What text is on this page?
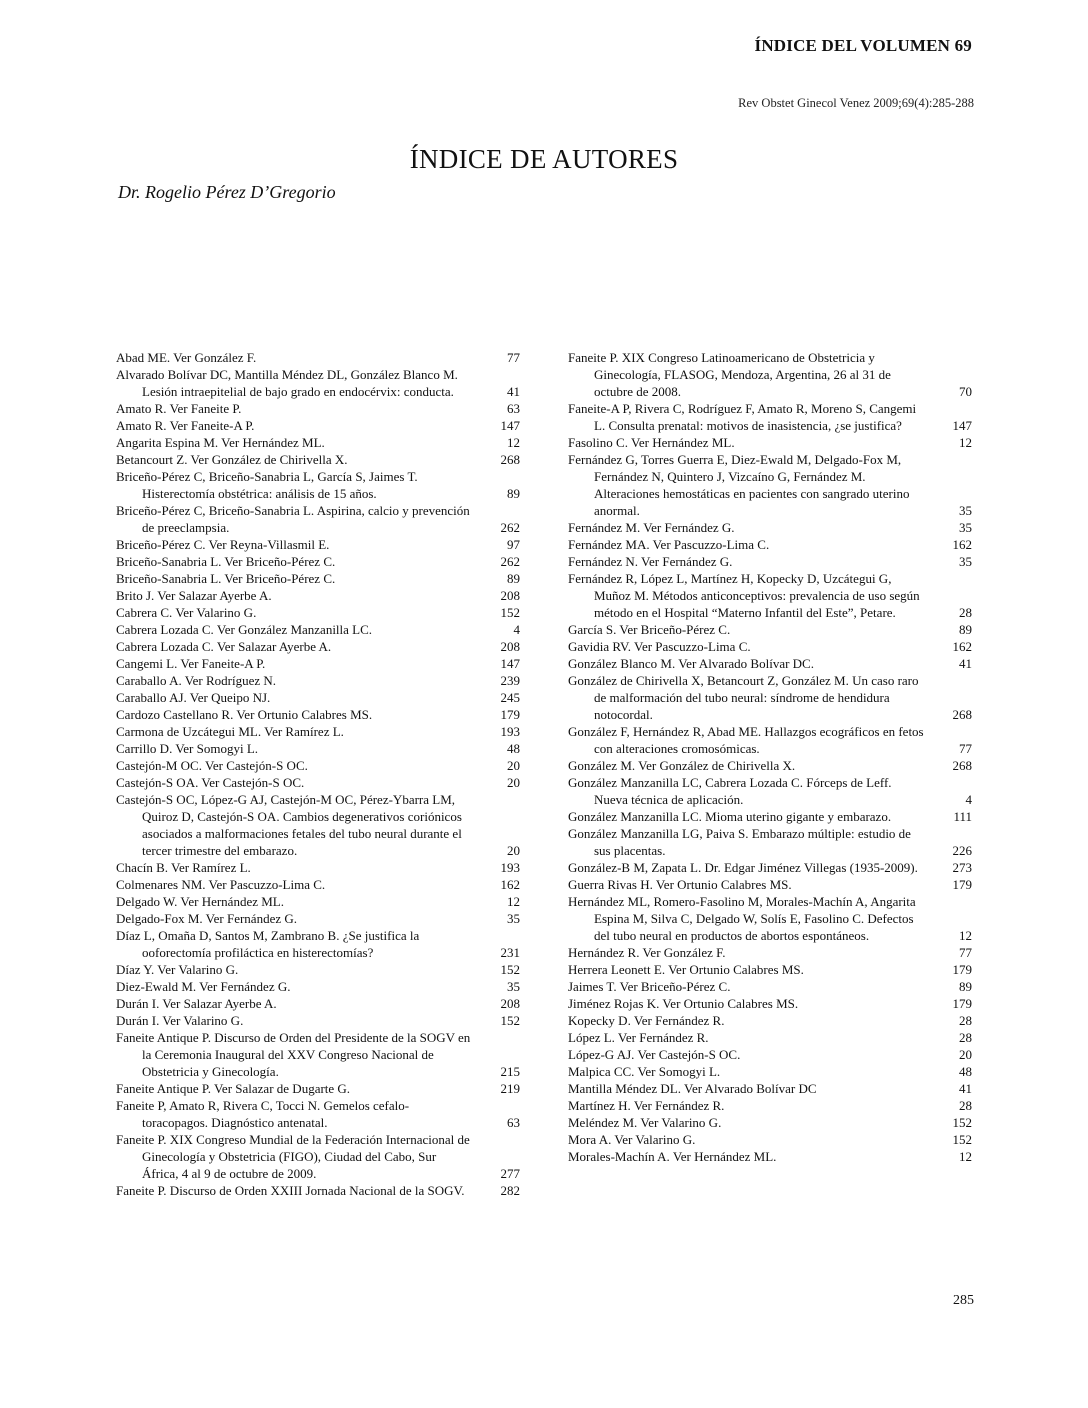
ÍNDICE DEL VOLUMEN 69
Rev Obstet Ginecol Venez 2009;69(4):285-288
ÍNDICE DE AUTORES
Dr. Rogelio Pérez D’Gregorio
Abad ME. Ver González F.	77
Alvarado Bolívar DC, Mantilla Méndez DL, González Blanco M. Lesión intraepitelial de bajo grado en endocérvix: conducta.	41
Amato R. Ver Faneite P.	63
Amato R. Ver Faneite-A P.	147
Angarita Espina M. Ver Hernández ML.	12
Betancourt Z. Ver González de Chirivella X.	268
Briceño-Pérez C, Briceño-Sanabria L, García S, Jaimes T. Histerectomía obstétrica: análisis de 15 años.	89
Briceño-Pérez C, Briceño-Sanabria L. Aspirina, calcio y prevención de preeclampsia.	262
Briceño-Pérez C. Ver Reyna-Villasmil E.	97
Briceño-Sanabria L. Ver Briceño-Pérez C.	262
Briceño-Sanabria L. Ver Briceño-Pérez C.	89
Brito J. Ver Salazar Ayerbe A.	208
Cabrera C. Ver Valarino G.	152
Cabrera Lozada C. Ver González Manzanilla LC.	4
Cabrera Lozada C. Ver Salazar Ayerbe A.	208
Cangemi L. Ver Faneite-A P.	147
Caraballo A. Ver Rodríguez N.	239
Caraballo AJ. Ver Queipo NJ.	245
Cardozo Castellano R. Ver Ortunio Calabres MS.	179
Carmona de Uzcátegui ML. Ver Ramírez L.	193
Carrillo D. Ver Somogyi L.	48
Castejón-M OC. Ver Castejón-S OC.	20
Castejón-S OA. Ver Castejón-S OC.	20
Castejón-S OC, López-G AJ, Castejón-M OC, Pérez-Ybarra LM, Quiroz D, Castejón-S OA. Cambios degenerativos coriónicos asociados a malformaciones fetales del tubo neural durante el tercer trimestre del embarazo.	20
Chacín B. Ver Ramírez L.	193
Colmenares NM. Ver Pascuzzo-Lima C.	162
Delgado W. Ver Hernández ML.	12
Delgado-Fox M. Ver Fernández G.	35
Díaz L, Omaña D, Santos M, Zambrano B. ¿Se justifica la ooforectomía profiláctica en histerectomías?	231
Díaz Y. Ver Valarino G.	152
Diez-Ewald M. Ver Fernández G.	35
Durán I. Ver Salazar Ayerbe A.	208
Durán I. Ver Valarino G.	152
Faneite Antique P. Discurso de Orden del Presidente de la SOGV en la Ceremonia Inaugural del XXV Congreso Nacional de Obstetricia y Ginecología.	215
Faneite Antique P. Ver Salazar de Dugarte G.	219
Faneite P, Amato R, Rivera C, Tocci N. Gemelos cefalo-toracopagos. Diagnóstico antenatal.	63
Faneite P. XIX Congreso Mundial de la Federación Internacional de Ginecología y Obstetricia (FIGO), Ciudad del Cabo, Sur África, 4 al 9 de octubre de 2009.	277
Faneite P. Discurso de Orden XXIII Jornada Nacional de la SOGV.	282
Faneite P. XIX Congreso Latinoamericano de Obstetricia y Ginecología, FLASOG, Mendoza, Argentina, 26 al 31 de octubre de 2008.	70
Faneite-A P, Rivera C, Rodríguez F, Amato R, Moreno S, Cangemi L. Consulta prenatal: motivos de inasistencia, ¿se justifica?	147
Fasolino C. Ver Hernández ML.	12
Fernández G, Torres Guerra E, Diez-Ewald M, Delgado-Fox M, Fernández N, Quintero J, Vizcaíno G, Fernández M. Alteraciones hemostáticas en pacientes con sangrado uterino anormal.	35
Fernández M. Ver Fernández G.	35
Fernández MA. Ver Pascuzzo-Lima C.	162
Fernández N. Ver Fernández G.	35
Fernández R, López L, Martínez H, Kopecky D, Uzcátegui G, Muñoz M. Métodos anticonceptivos: prevalencia de uso según método en el Hospital “Materno Infantil del Este”, Petare.	28
García S. Ver Briceño-Pérez C.	89
Gavidia RV. Ver Pascuzzo-Lima C.	162
González Blanco M. Ver Alvarado Bolívar DC.	41
González de Chirivella X, Betancourt Z, González M. Un caso raro de malformación del tubo neural: síndrome de hendidura notocordal.	268
González F, Hernández R, Abad ME. Hallazgos ecográficos en fetos con alteraciones cromosómicas.	77
González M. Ver González de Chirivella X.	268
González Manzanilla LC, Cabrera Lozada C. Fórceps de Leff. Nueva técnica de aplicación.	4
González Manzanilla LC. Mioma uterino gigante y embarazo.	111
González Manzanilla LG, Paiva S. Embarazo múltiple: estudio de sus placentas.	226
González-B M, Zapata L. Dr. Edgar Jiménez Villegas (1935-2009).	273
Guerra Rivas H. Ver Ortunio Calabres MS.	179
Hernández ML, Romero-Fasolino M, Morales-Machín A, Angarita Espina M, Silva C, Delgado W, Solís E, Fasolino C. Defectos del tubo neural en productos de abortos espontáneos.	12
Hernández R. Ver González F.	77
Herrera Leonett E. Ver Ortunio Calabres MS.	179
Jaimes T. Ver Briceño-Pérez C.	89
Jiménez Rojas K. Ver Ortunio Calabres MS.	179
Kopecky D. Ver Fernández R.	28
López L. Ver Fernández R.	28
López-G AJ. Ver Castejón-S OC.	20
Malpica CC. Ver Somogyi L.	48
Mantilla Méndez DL. Ver Alvarado Bolívar DC	41
Martínez H. Ver Fernández R.	28
Meléndez M. Ver Valarino G.	152
Mora A. Ver Valarino G.	152
Morales-Machín A. Ver Hernández ML.	12
285
